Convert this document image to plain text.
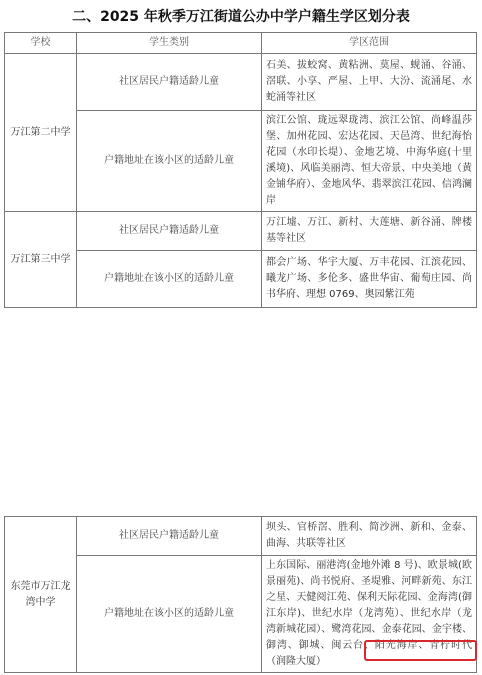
二、2025 年秋季万江街道公办中学户籍生学区划分表
学校	学生类别	学区范围
万江第二中学	社区居民户籍适龄儿童	石美、拔蛟窝、黄粘洲、莫屋、蚬涌、谷涌、滘联、小享、严屋、上甲、大汾、流涌尾、水蛇涌等社区
	户籍地址在该小区的适龄儿童	滨江公馆、珑远翠珑湾、滨江公馆、尚峰温莎堡、加州花园、宏达花园、天邑湾、世纪海怡花园（水印长堤）、金地艺境、中海华庭(十里溪境)、风临美丽湾、恒大帝景、中央美地（黄金铺华府）、金地风华、翡翠滨江花园、信鸿澜岸
万江第三中学	社区居民户籍适龄儿童	万江墟、万江、新村、大莲塘、新谷涌、牌楼基等社区
	户籍地址在该小区的适龄儿童	都会广场、华宇大厦、万丰花园、江滨花园、曦龙广场、多伦多、盛世华宙、葡萄庄园、尚书华府、理想 0769、奥园紫江苑
东莞市万江龙湾中学	社区居民户籍适龄儿童	坝头、官桥滘、胜利、简沙洲、新和、金泰、曲海、共联等社区
	户籍地址在该小区的适龄儿童	上东国际、丽港湾(金地外滩 8 号)、欧景城(欧景丽苑)、尚书悦府、圣堤雅、河畔新苑、东江之星、天健阅江苑、保利天际花园、金海湾(御江东岸)、世纪水岸（龙湾苑）、世纪水岸（龙湾新城花园）、鹭湾花园、金泰花园、金宇楼、御湾、御城、闽云台、阳光海岸、青柠时代（润隆大厦）
